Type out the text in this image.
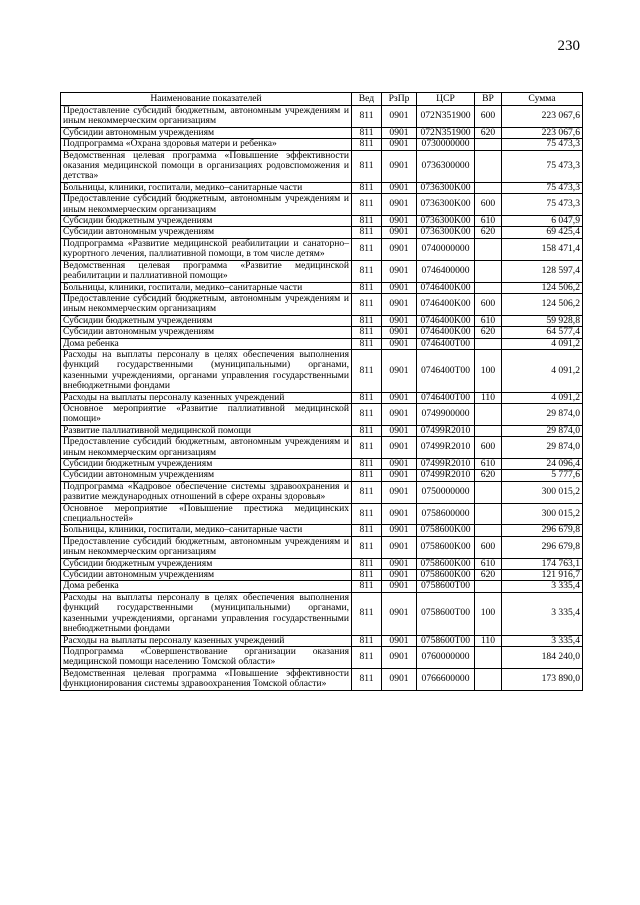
230
Наименование показателей	Вед	РзПр	ЦСР	ВР	Сумма
Предоставление субсидий бюджетным, автономным учреждениям и иным некоммерческим организациям	811	0901	072N351900	600	223 067,6
Субсидии автономным учреждениям	811	0901	072N351900	620	223 067,6
Подпрограмма «Охрана здоровья матери и ребенка»	811	0901	0730000000		75 473,3
Ведомственная целевая программа «Повышение эффективности оказания медицинской помощи в организациях родовспоможения и детства»	811	0901	0736300000		75 473,3
Больницы, клиники, госпитали, медико–санитарные части	811	0901	0736300K00		75 473,3
Предоставление субсидий бюджетным, автономным учреждениям и иным некоммерческим организациям	811	0901	0736300K00	600	75 473,3
Субсидии бюджетным учреждениям	811	0901	0736300K00	610	6 047,9
Субсидии автономным учреждениям	811	0901	0736300K00	620	69 425,4
Подпрограмма «Развитие медицинской реабилитации и санаторно–курортного лечения, паллиативной помощи, в том числе детям»	811	0901	0740000000		158 471,4
Ведомственная целевая программа «Развитие медицинской реабилитации и паллиативной помощи»	811	0901	0746400000		128 597,4
Больницы, клиники, госпитали, медико–санитарные части	811	0901	0746400K00		124 506,2
Предоставление субсидий бюджетным, автономным учреждениям и иным некоммерческим организациям	811	0901	0746400K00	600	124 506,2
Субсидии бюджетным учреждениям	811	0901	0746400K00	610	59 928,8
Субсидии автономным учреждениям	811	0901	0746400K00	620	64 577,4
Дома ребенка	811	0901	0746400T00		4 091,2
Расходы на выплаты персоналу в целях обеспечения выполнения функций государственными (муниципальными) органами, казенными учреждениями, органами управления государственными внебюджетными фондами	811	0901	0746400T00	100	4 091,2
Расходы на выплаты персоналу казенных учреждений	811	0901	0746400T00	110	4 091,2
Основное мероприятие «Развитие паллиативной медицинской помощи»	811	0901	0749900000		29 874,0
Развитие паллиативной медицинской помощи	811	0901	07499R2010		29 874,0
Предоставление субсидий бюджетным, автономным учреждениям и иным некоммерческим организациям	811	0901	07499R2010	600	29 874,0
Субсидии бюджетным учреждениям	811	0901	07499R2010	610	24 096,4
Субсидии автономным учреждениям	811	0901	07499R2010	620	5 777,6
Подпрограмма «Кадровое обеспечение системы здравоохранения и развитие международных отношений в сфере охраны здоровья»	811	0901	0750000000		300 015,2
Основное мероприятие «Повышение престижа медицинских специальностей»	811	0901	0758600000		300 015,2
Больницы, клиники, госпитали, медико–санитарные части	811	0901	0758600K00		296 679,8
Предоставление субсидий бюджетным, автономным учреждениям и иным некоммерческим организациям	811	0901	0758600K00	600	296 679,8
Субсидии бюджетным учреждениям	811	0901	0758600K00	610	174 763,1
Субсидии автономным учреждениям	811	0901	0758600K00	620	121 916,7
Дома ребенка	811	0901	0758600T00		3 335,4
Расходы на выплаты персоналу в целях обеспечения выполнения функций государственными (муниципальными) органами, казенными учреждениями, органами управления государственными внебюджетными фондами	811	0901	0758600T00	100	3 335,4
Расходы на выплаты персоналу казенных учреждений	811	0901	0758600T00	110	3 335,4
Подпрограмма «Совершенствование организации оказания медицинской помощи населению Томской области»	811	0901	0760000000		184 240,0
Ведомственная целевая программа «Повышение эффективности функционирования системы здравоохранения Томской области»	811	0901	0766600000		173 890,0
